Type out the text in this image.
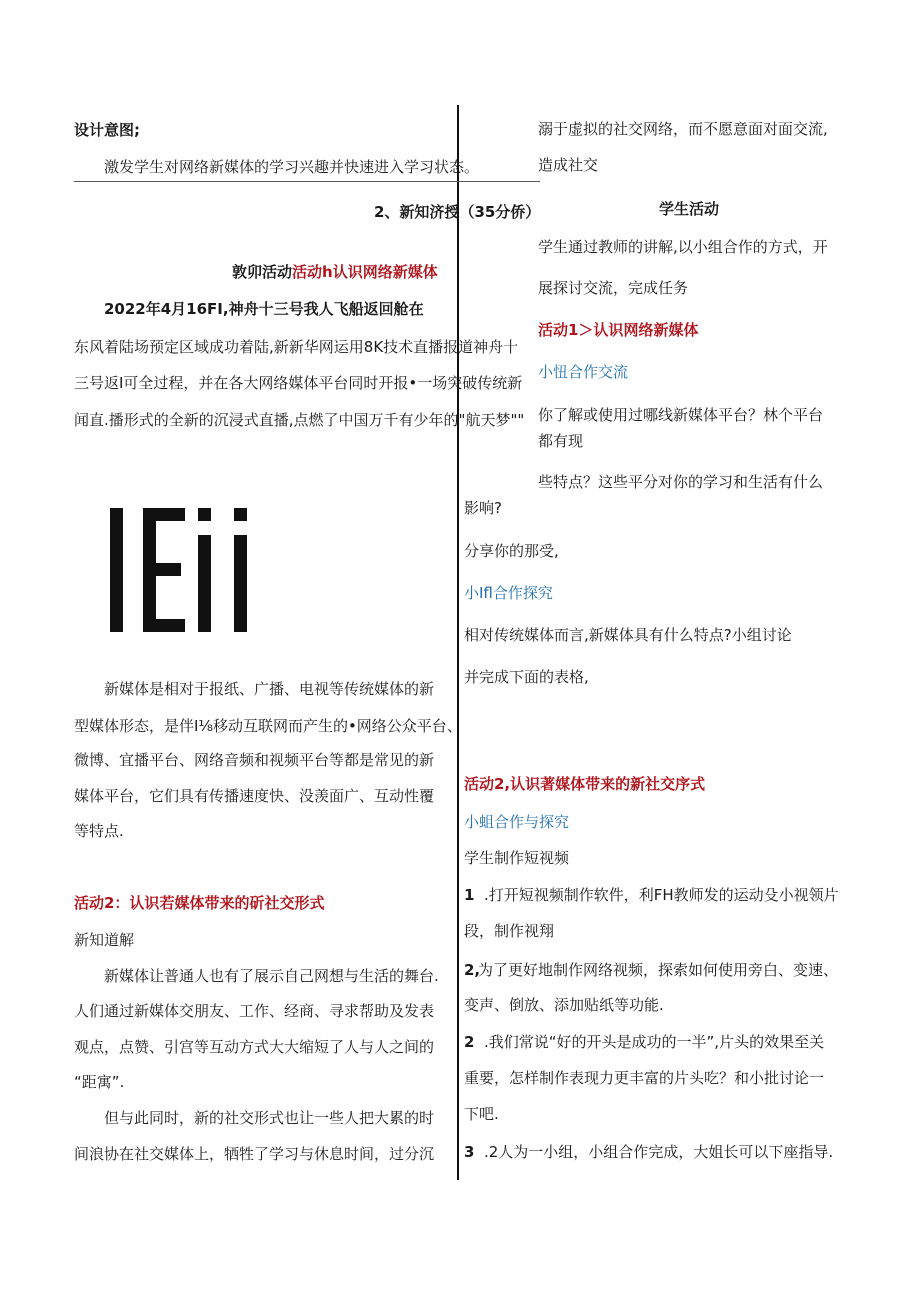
设计意图;
激发学生对网络新媒体的学习兴趣并快速进入学习状态。
2、新知济授（35分侨）
敦卯活动活动h认识网络新媒体
2022年4月16FI,神舟十三号我人飞船返回舱在
东风着陆场预定区域成功着陆,新新华网运用8K技术直播报道神舟十
三号返I可全过程，并在各大网络媒体平台同时开报•一场突破传统新
闻直.播形式的全新的沉浸式直播,点燃了中国万千有少年的"航天梦""
新媒体是相对于报纸、广播、电视等传统媒体的新
型媒体形态，是伴I⅛移动互联网而产生的•网络公众平台、
微博、宜播平台、网络音频和视频平台等都是常见的新
媒体平台，它们具有传播速度快、没羡面广、互动性覆
等特点.
活动2：认识若媒体带来的斫社交形式
新知道解
新媒体让普通人也有了展示自己网想与生活的舞台.
人们通过新媒体交朋友、工作、经商、寻求帮助及发表
观点，点赞、引宫等互动方式大大缩短了人与人之间的
“距寓”.
但与此同时，新的社交形式也让一些人把大累的时
间浪协在社交媒体上，牺牲了学习与休息时间，过分沉
溺于虚拟的社交网络，而不愿意面对面交流,
造成社交
学生活动
学生通过教师的讲解,以小组合作的方式，开
展探讨交流，完成任务
活动1＞认识网络新媒体
小忸合作交流
你了解或使用过哪线新媒体平台？林个平台
都有现
些特点？这些平分对你的学习和生活有什么
影响?
分享你的那受,
小Ifl合作探究
相对传统媒体而言,新媒体具有什么特点?小组讨论
并完成下面的表格,
活动2,认识著媒体带来的新社交序式
小蛆合作与探究
学生制作短视频
1 .打开短视频制作软件，利FH教师发的运动殳小视领片
段，制作视翔
2,
为了更好地制作网络视频，探索如何使用旁白、变速、
变声、倒放、添加贴纸等功能.
2 .我们常说“好的开头是成功的一半”,片头的效果至关
重要，怎样制作表现力更丰富的片头吃？和小批讨论一
下吧.
3 .2人为一小组，小组合作完成，大姐长可以下座指导.
